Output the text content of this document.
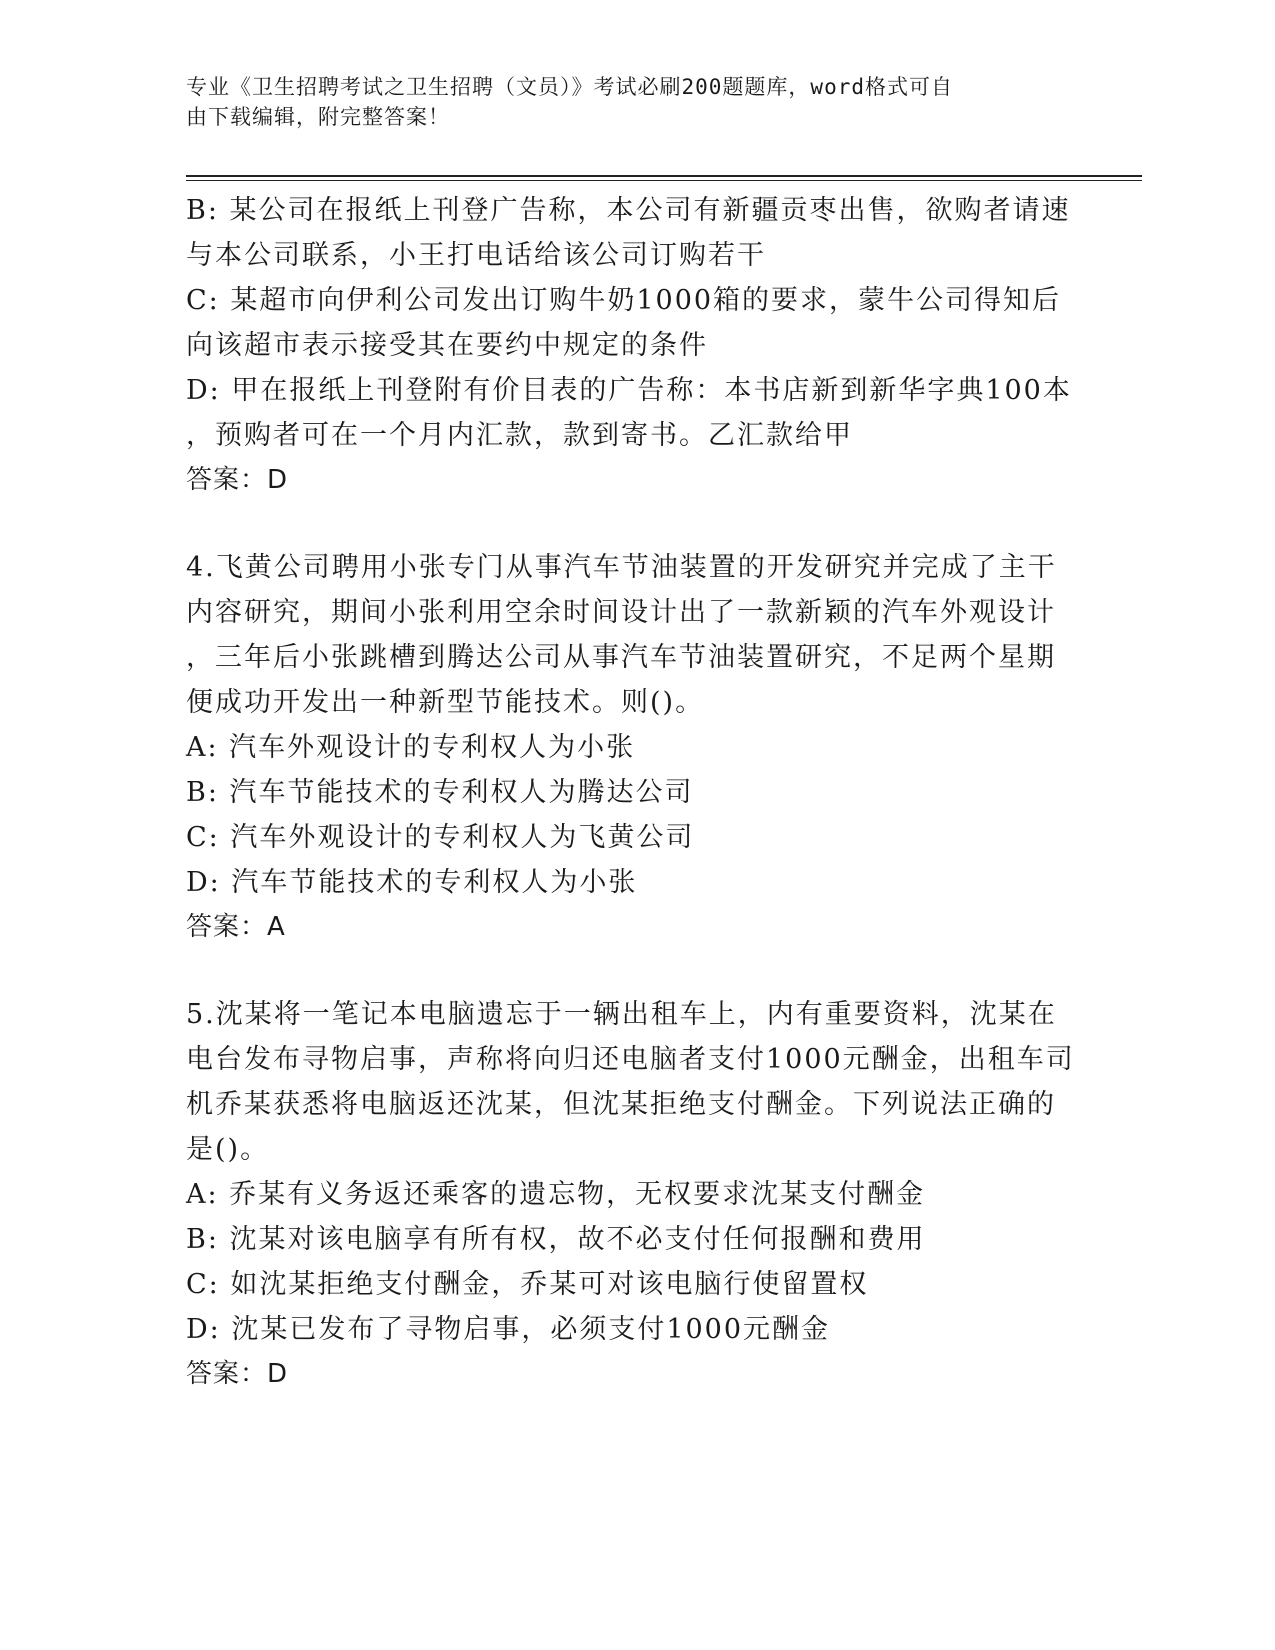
专业《卫生招聘考试之卫生招聘（文员）》考试必刷200题题库，word格式可自
由下载编辑，附完整答案！
B: 某公司在报纸上刊登广告称，本公司有新疆贡枣出售，欲购者请速
与本公司联系，小王打电话给该公司订购若干
C: 某超市向伊利公司发出订购牛奶1000箱的要求，蒙牛公司得知后
向该超市表示接受其在要约中规定的条件
D: 甲在报纸上刊登附有价目表的广告称：本书店新到新华字典100本
，预购者可在一个月内汇款，款到寄书。乙汇款给甲
答案：D
4.飞黄公司聘用小张专门从事汽车节油装置的开发研究并完成了主干
内容研究，期间小张利用空余时间设计出了一款新颖的汽车外观设计
，三年后小张跳槽到腾达公司从事汽车节油装置研究，不足两个星期
便成功开发出一种新型节能技术。则()。
A: 汽车外观设计的专利权人为小张
B: 汽车节能技术的专利权人为腾达公司
C: 汽车外观设计的专利权人为飞黄公司
D: 汽车节能技术的专利权人为小张
答案：A
5.沈某将一笔记本电脑遗忘于一辆出租车上，内有重要资料，沈某在
电台发布寻物启事，声称将向归还电脑者支付1000元酬金，出租车司
机乔某获悉将电脑返还沈某，但沈某拒绝支付酬金。下列说法正确的
是()。
A: 乔某有义务返还乘客的遗忘物，无权要求沈某支付酬金
B: 沈某对该电脑享有所有权，故不必支付任何报酬和费用
C: 如沈某拒绝支付酬金，乔某可对该电脑行使留置权
D: 沈某已发布了寻物启事，必须支付1000元酬金
答案：D
